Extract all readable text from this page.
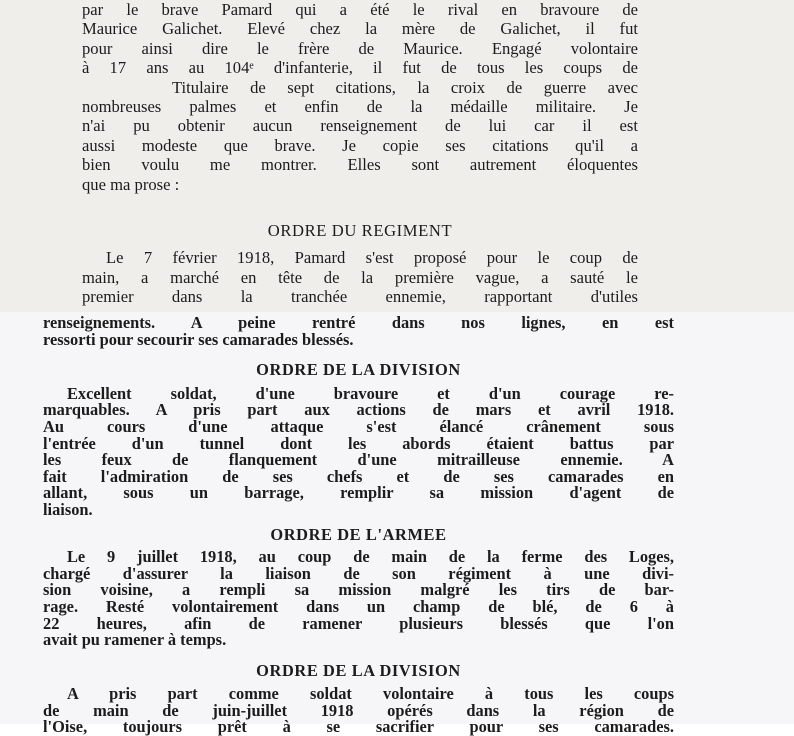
par le brave Pamard qui a été le rival en bravoure de
Maurice Galichet. Elevé chez la mère de Galichet, il fut
pour ainsi dire le frère de Maurice. Engagé volontaire
à 17 ans au 104ᵉ d'infanterie, il fut de tous les coups de
Titulaire de sept citations, la croix de guerre avec
nombreuses palmes et enfin de la médaille militaire. Je
n'ai pu obtenir aucun renseignement de lui car il est
aussi modeste que brave. Je copie ses citations qu'il a
bien voulu me montrer. Elles sont autrement éloquentes
que ma prose :
ORDRE DU REGIMENT
Le 7 février 1918, Pamard s'est proposé pour le coup de
main, a marché en tête de la première vague, a sauté le
premier dans la tranchée ennemie, rapportant d'utiles
renseignements. A peine rentré dans nos lignes, en est
ressorti pour secourir ses camarades blessés.
ORDRE DE LA DIVISION
Excellent soldat, d'une bravoure et d'un courage re-
marquables. A pris part aux actions de mars et avril 1918.
Au cours d'une attaque s'est élancé crânement sous
l'entrée d'un tunnel dont les abords étaient battus par
les feux de flanquement d'une mitrailleuse ennemie. A
fait l'admiration de ses chefs et de ses camarades en
allant, sous un barrage, remplir sa mission d'agent de
liaison.
ORDRE DE L'ARMEE
Le 9 juillet 1918, au coup de main de la ferme des Loges,
chargé d'assurer la liaison de son régiment à une divi-
sion voisine, a rempli sa mission malgré les tirs de bar-
rage. Resté volontairement dans un champ de blé, de 6 à
22 heures, afin de ramener plusieurs blessés que l'on
avait pu ramener à temps.
ORDRE DE LA DIVISION
A pris part comme soldat volontaire à tous les coups
de main de juin-juillet 1918 opérés dans la région de
l'Oise, toujours prêt à se sacrifier pour ses camarades.
